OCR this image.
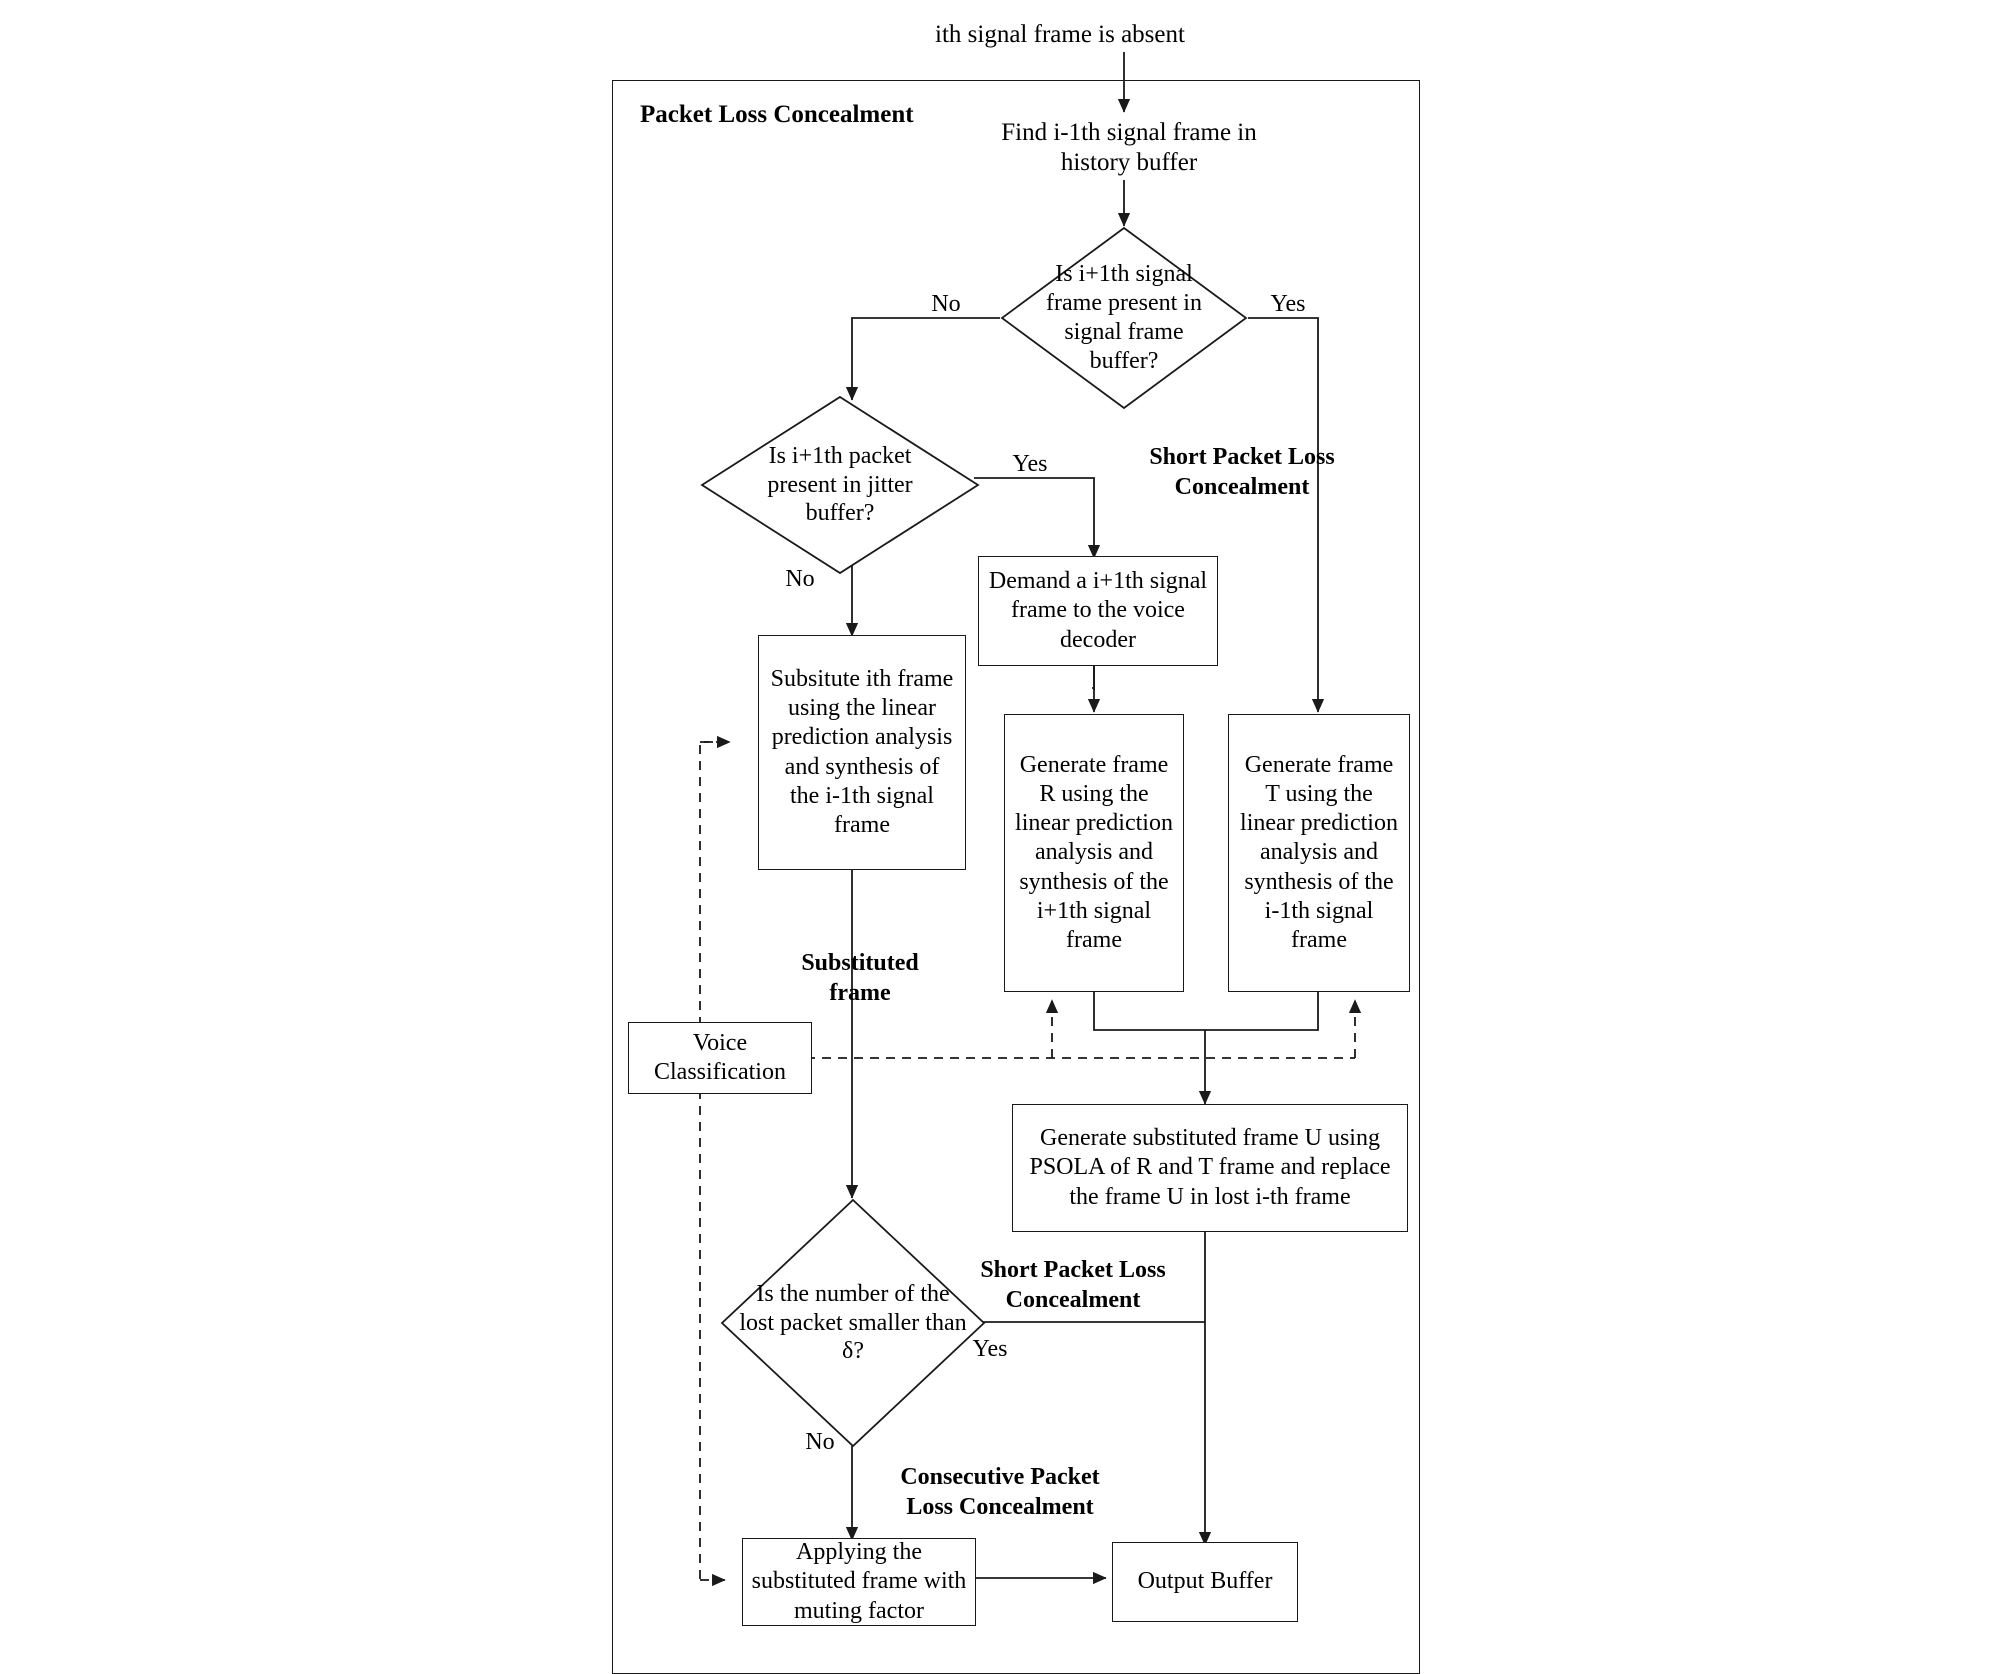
ith signal frame is absent
Packet Loss Concealment
Find i-1th signal frame in history buffer
Is i+1th signal frame present in signal frame buffer?
Is i+1th packet present in jitter buffer?
Demand a i+1th signal frame to the voice decoder
Subsitute ith frame using the linear prediction analysis and synthesis of the i-1th signal frame
Generate frame R using the linear prediction analysis and synthesis of the i+1th signal frame
Generate frame T using the linear prediction analysis and synthesis of the i-1th signal frame
Voice Classification
Generate substituted frame U using PSOLA of R and T frame and replace the frame U in lost i-th frame
Is the number of the lost packet smaller than δ?
Applying the substituted frame with muting factor
Output Buffer
No	Yes
Yes
No
Yes
No
Short Packet Loss Concealment
Substituted frame
Short Packet Loss Concealment
Consecutive Packet Loss Concealment
